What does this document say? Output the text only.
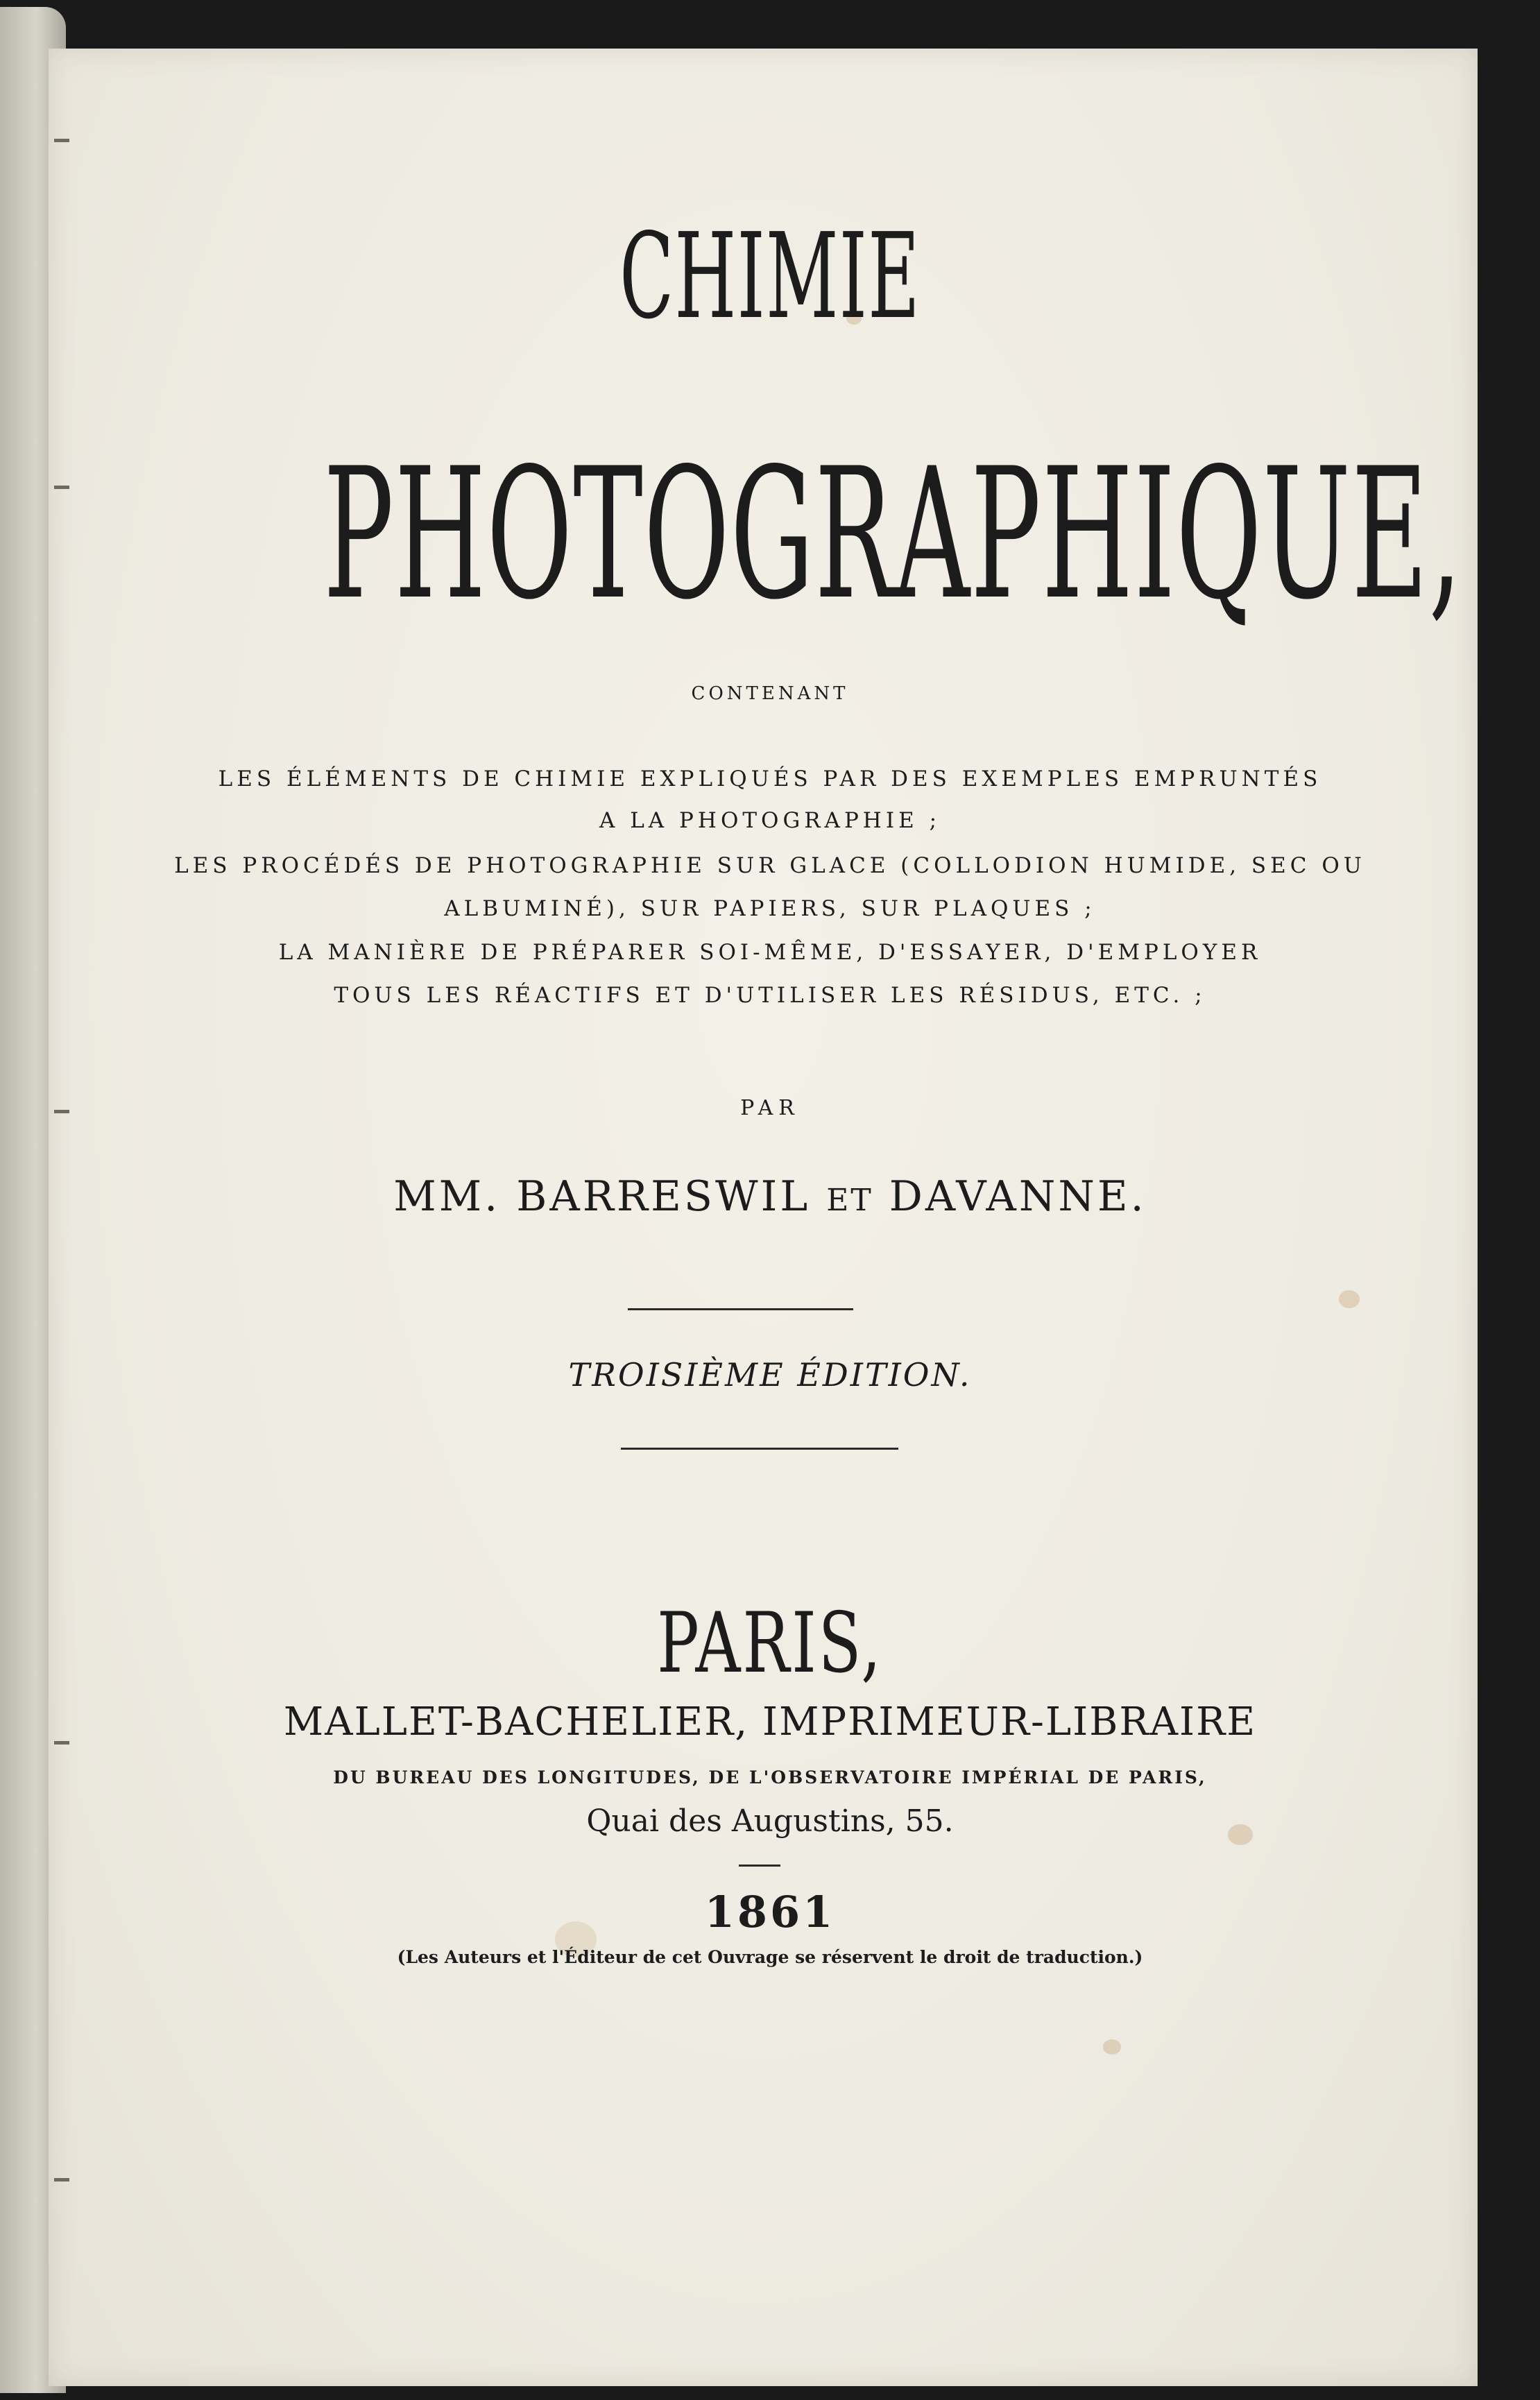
CHIMIE

PHOTOGRAPHIQUE,

CONTENANT

LES ÉLÉMENTS DE CHIMIE EXPLIQUÉS PAR DES EXEMPLES EMPRUNTÉS

A LA PHOTOGRAPHIE ;

LES PROCÉDÉS DE PHOTOGRAPHIE SUR GLACE (COLLODION HUMIDE, SEC OU

ALBUMINÉ), SUR PAPIERS, SUR PLAQUES ;

LA MANIÈRE DE PRÉPARER SOI-MÊME, D'ESSAYER, D'EMPLOYER

TOUS LES RÉACTIFS ET D'UTILISER LES RÉSIDUS, ETC. ;

PAR

MM. BARRESWIL ET DAVANNE.

TROISIÈME ÉDITION.

PARIS,

MALLET-BACHELIER, IMPRIMEUR-LIBRAIRE

DU BUREAU DES LONGITUDES, DE L'OBSERVATOIRE IMPÉRIAL DE PARIS,

Quai des Augustins, 55.

1861

(Les Auteurs et l'Éditeur de cet Ouvrage se réservent le droit de traduction.)
